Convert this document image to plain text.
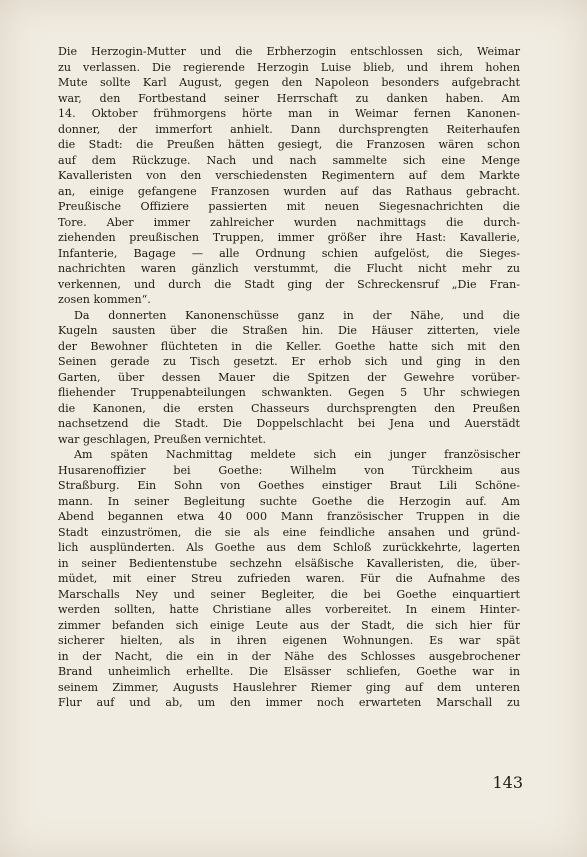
Die Herzogin-Mutter und die Erbherzogin entschlossen sich, Weimar
zu verlassen. Die regierende Herzogin Luise blieb, und ihrem hohen
Mute sollte Karl August, gegen den Napoleon besonders aufgebracht
war, den Fortbestand seiner Herrschaft zu danken haben. Am
14. Oktober frühmorgens hörte man in Weimar fernen Kanonen-
donner, der immerfort anhielt. Dann durchsprengten Reiterhaufen
die Stadt: die Preußen hätten gesiegt, die Franzosen wären schon
auf dem Rückzuge. Nach und nach sammelte sich eine Menge
Kavalleristen von den verschiedensten Regimentern auf dem Markte
an, einige gefangene Franzosen wurden auf das Rathaus gebracht.
Preußische Offiziere passierten mit neuen Siegesnachrichten die
Tore. Aber immer zahlreicher wurden nachmittags die durch-
ziehenden preußischen Truppen, immer größer ihre Hast: Kavallerie,
Infanterie, Bagage — alle Ordnung schien aufgelöst, die Sieges-
nachrichten waren gänzlich verstummt, die Flucht nicht mehr zu
verkennen, und durch die Stadt ging der Schreckensruf „Die Fran-
zosen kommen“.
Da donnerten Kanonenschüsse ganz in der Nähe, und die
Kugeln sausten über die Straßen hin. Die Häuser zitterten, viele
der Bewohner flüchteten in die Keller. Goethe hatte sich mit den
Seinen gerade zu Tisch gesetzt. Er erhob sich und ging in den
Garten, über dessen Mauer die Spitzen der Gewehre vorüber-
fliehender Truppenabteilungen schwankten. Gegen 5 Uhr schwiegen
die Kanonen, die ersten Chasseurs durchsprengten den Preußen
nachsetzend die Stadt. Die Doppelschlacht bei Jena und Auerstädt
war geschlagen, Preußen vernichtet.
Am späten Nachmittag meldete sich ein junger französischer
Husarenoffizier bei Goethe: Wilhelm von Türckheim aus
Straßburg. Ein Sohn von Goethes einstiger Braut Lili Schöne-
mann. In seiner Begleitung suchte Goethe die Herzogin auf. Am
Abend begannen etwa 40 000 Mann französischer Truppen in die
Stadt einzuströmen, die sie als eine feindliche ansahen und gründ-
lich ausplünderten. Als Goethe aus dem Schloß zurückkehrte, lagerten
in seiner Bedientenstube sechzehn elsäßische Kavalleristen, die, über-
müdet, mit einer Streu zufrieden waren. Für die Aufnahme des
Marschalls Ney und seiner Begleiter, die bei Goethe einquartiert
werden sollten, hatte Christiane alles vorbereitet. In einem Hinter-
zimmer befanden sich einige Leute aus der Stadt, die sich hier für
sicherer hielten, als in ihren eigenen Wohnungen. Es war spät
in der Nacht, die ein in der Nähe des Schlosses ausgebrochener
Brand unheimlich erhellte. Die Elsässer schliefen, Goethe war in
seinem Zimmer, Augusts Hauslehrer Riemer ging auf dem unteren
Flur auf und ab, um den immer noch erwarteten Marschall zu
143
